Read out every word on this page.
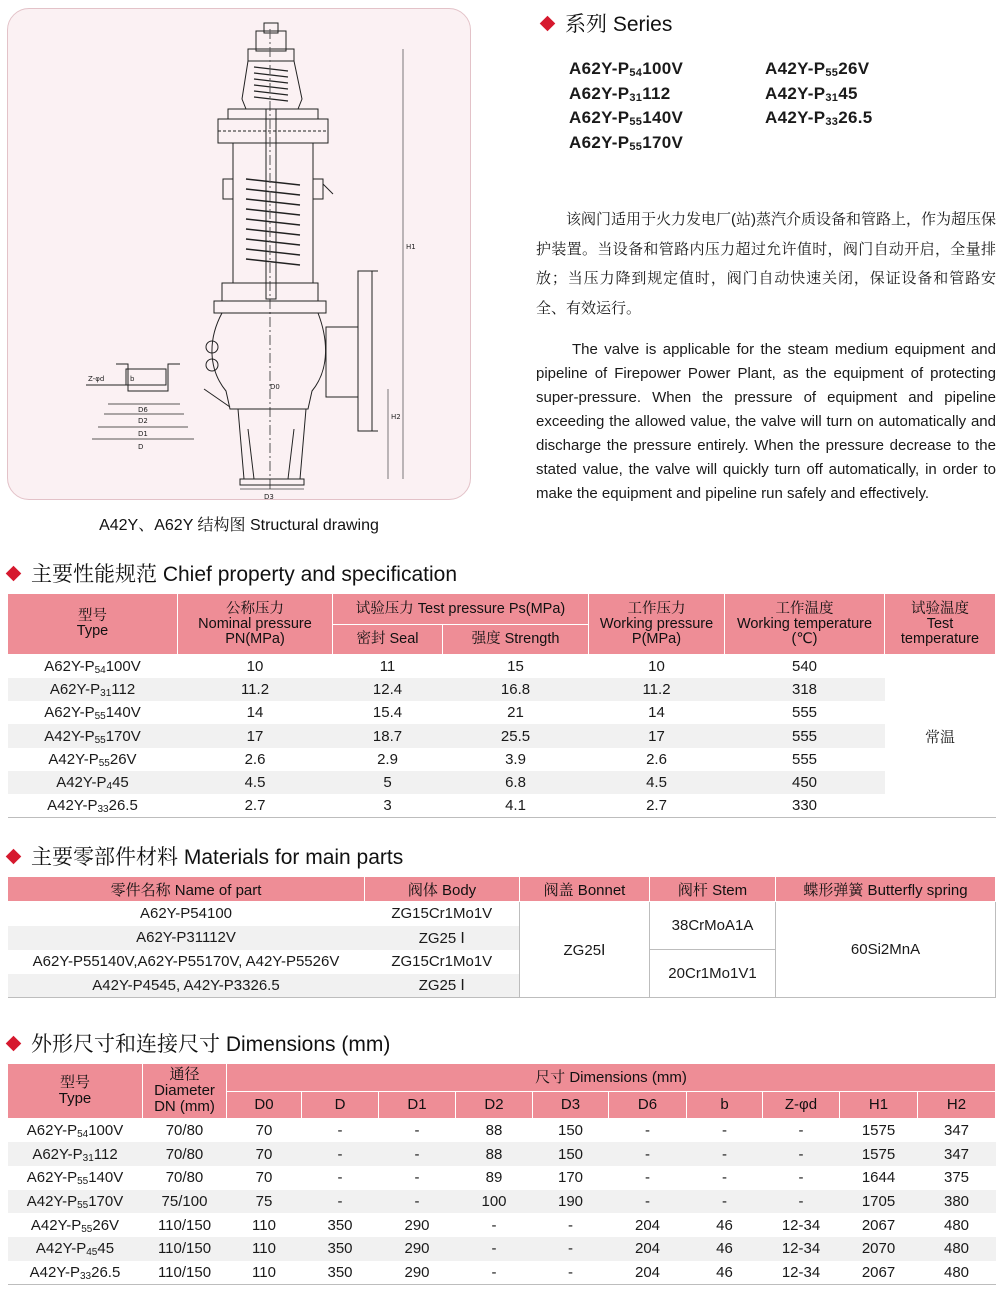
H1
H2
D3
D0
D6
D2
D1
D
Z-φd	b
A42Y、A62Y 结构图 Structural drawing
系列 Series
A62Y-P54100V
A62Y-P31112
A62Y-P55140V
A62Y-P55170V
A42Y-P5526V
A42Y-P3145
A42Y-P3326.5

该阀门适用于火力发电厂(站)蒸汽介质设备和管路上，作为超压保护装置。当设备和管路内压力超过允许值时，阀门自动开启，全量排放；当压力降到规定值时，阀门自动快速关闭，保证设备和管路安全、有效运行。

The valve is applicable for the steam medium equipment and pipeline of Firepower Power Plant, as the equipment of protecting super-pressure. When the pressure of equipment and pipeline exceeding the allowed value, the valve will turn on automatically and discharge the pressure entirely. When the pressure decrease to the stated value, the valve will quickly turn off automatically, in order to make the equipment and pipeline run safely and effectively.

主要性能规范 Chief property and specification
型号
Type	公称压力
Nominal pressure
PN(MPa)	试验压力 Test pressure Ps(MPa)		工作压力
Working pressure
P(MPa)	工作温度
Working temperature
(℃)	试验温度
Test
temperature
		密封 Seal	强度 Strength			
A62Y-P54100V	10	11	15	10	540	常温
A62Y-P31112	11.2	12.4	16.8	11.2	318	
A62Y-P55140V	14	15.4	21	14	555	
A42Y-P55170V	17	18.7	25.5	17	555	
A42Y-P5526V	2.6	2.9	3.9	2.6	555	
A42Y-P445	4.5	5	6.8	4.5	450	
A42Y-P3326.5	2.7	3	4.1	2.7	330	
主要零部件材料 Materials for main parts
零件名称 Name of part	阀体 Body	阀盖 Bonnet	阀杆 Stem	蝶形弹簧 Butterfly spring
A62Y-P54100	ZG15Cr1Mo1V	ZG25Ⅰ	38CrMoA1A	60Si2MnA
A62Y-P31112V	ZG25 Ⅰ			
A62Y-P55140V,A62Y-P55170V, A42Y-P5526V	ZG15Cr1Mo1V		20Cr1Mo1V1	
A42Y-P4545, A42Y-P3326.5	ZG25 Ⅰ			
外形尺寸和连接尺寸 Dimensions (mm)
型号
Type	通径
Diameter
DN (mm)	尺寸 Dimensions (mm)									
		D0	D	D1	D2	D3	D6	b	Z-φd	H1	H2
A62Y-P54100V	70/80	70	-	-	88	150	-	-	-	1575	347
A62Y-P31112	70/80	70	-	-	88	150	-	-	-	1575	347
A62Y-P55140V	70/80	70	-	-	89	170	-	-	-	1644	375
A42Y-P55170V	75/100	75	-	-	100	190	-	-	-	1705	380
A42Y-P5526V	110/150	110	350	290	-	-	204	46	12-34	2067	480
A42Y-P4545	110/150	110	350	290	-	-	204	46	12-34	2070	480
A42Y-P3326.5	110/150	110	350	290	-	-	204	46	12-34	2067	480
